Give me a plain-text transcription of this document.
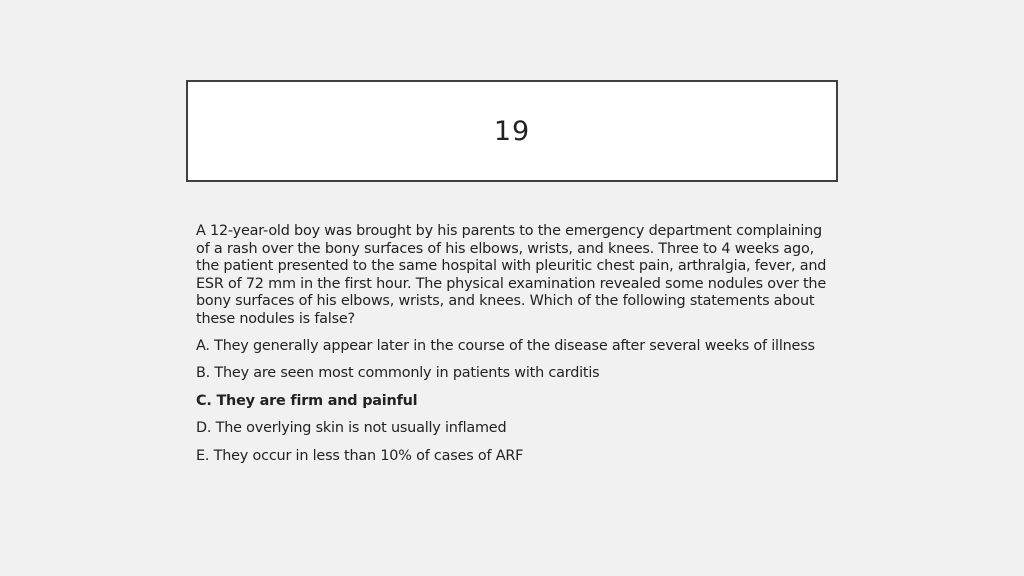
19

A 12-year-old boy was brought by his parents to the emergency department complaining of a rash over the bony surfaces of his elbows, wrists, and knees. Three to 4 weeks ago, the patient presented to the same hospital with pleuritic chest pain, arthralgia, fever, and ESR of 72 mm in the first hour. The physical examination revealed some nodules over the bony surfaces of his elbows, wrists, and knees. Which of the following statements about these nodules is false?

A. They generally appear later in the course of the disease after several weeks of illness

B. They are seen most commonly in patients with carditis

C. They are firm and painful

D. The overlying skin is not usually inflamed

E. They occur in less than 10% of cases of ARF
